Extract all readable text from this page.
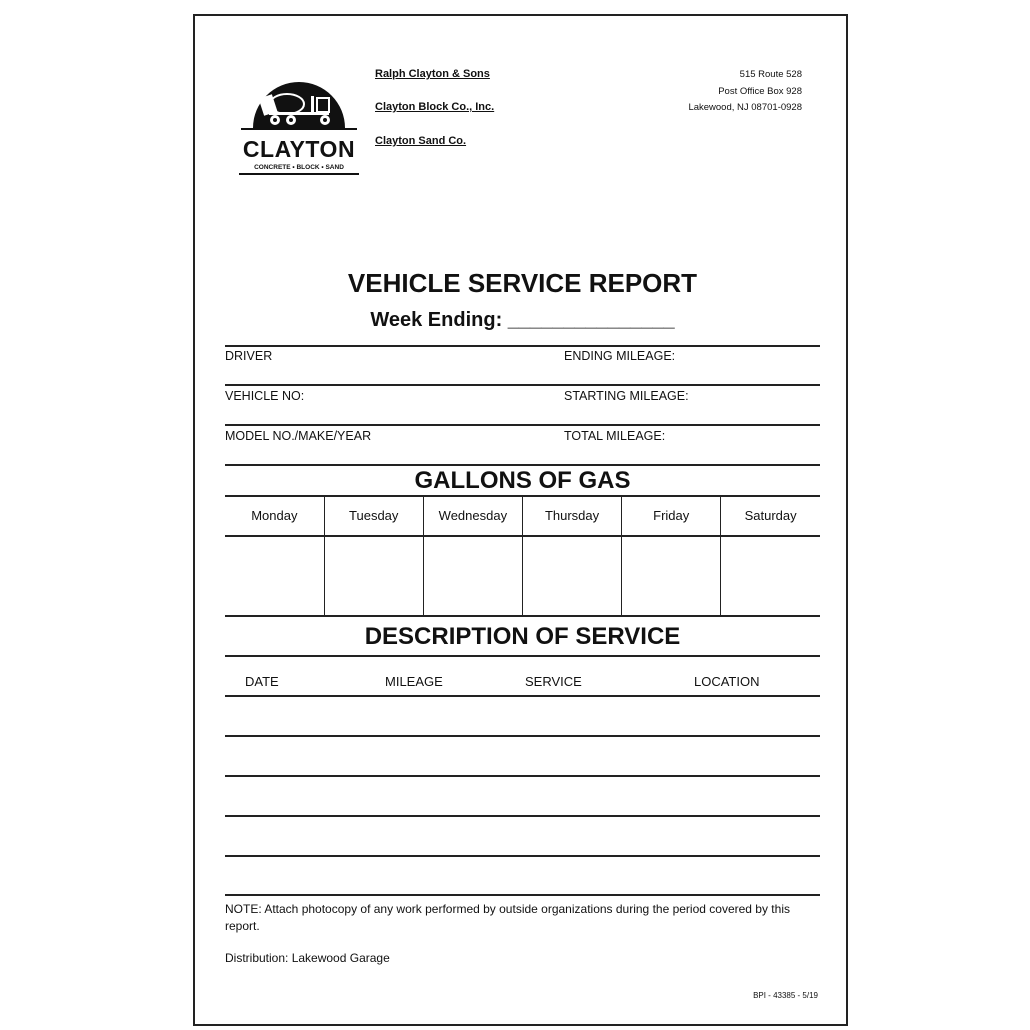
CLAYTON
CONCRETE • BLOCK • SAND
Ralph Clayton & Sons
Clayton Block Co., Inc.
Clayton Sand Co.
515 Route 528
Post Office Box 928
Lakewood, NJ 08701-0928
VEHICLE SERVICE REPORT
Week Ending: _______________
DRIVER	ENDING MILEAGE:
VEHICLE NO:	STARTING MILEAGE:
MODEL NO./MAKE/YEAR	TOTAL MILEAGE:
GALLONS OF GAS
Monday	Tuesday	Wednesday	Thursday	Friday	Saturday

DESCRIPTION OF SERVICE
DATE	MILEAGE	SERVICE	LOCATION
NOTE: Attach photocopy of any work performed by outside organizations during the period covered by this report.
Distribution: Lakewood Garage
BPI - 43385 - 5/19
